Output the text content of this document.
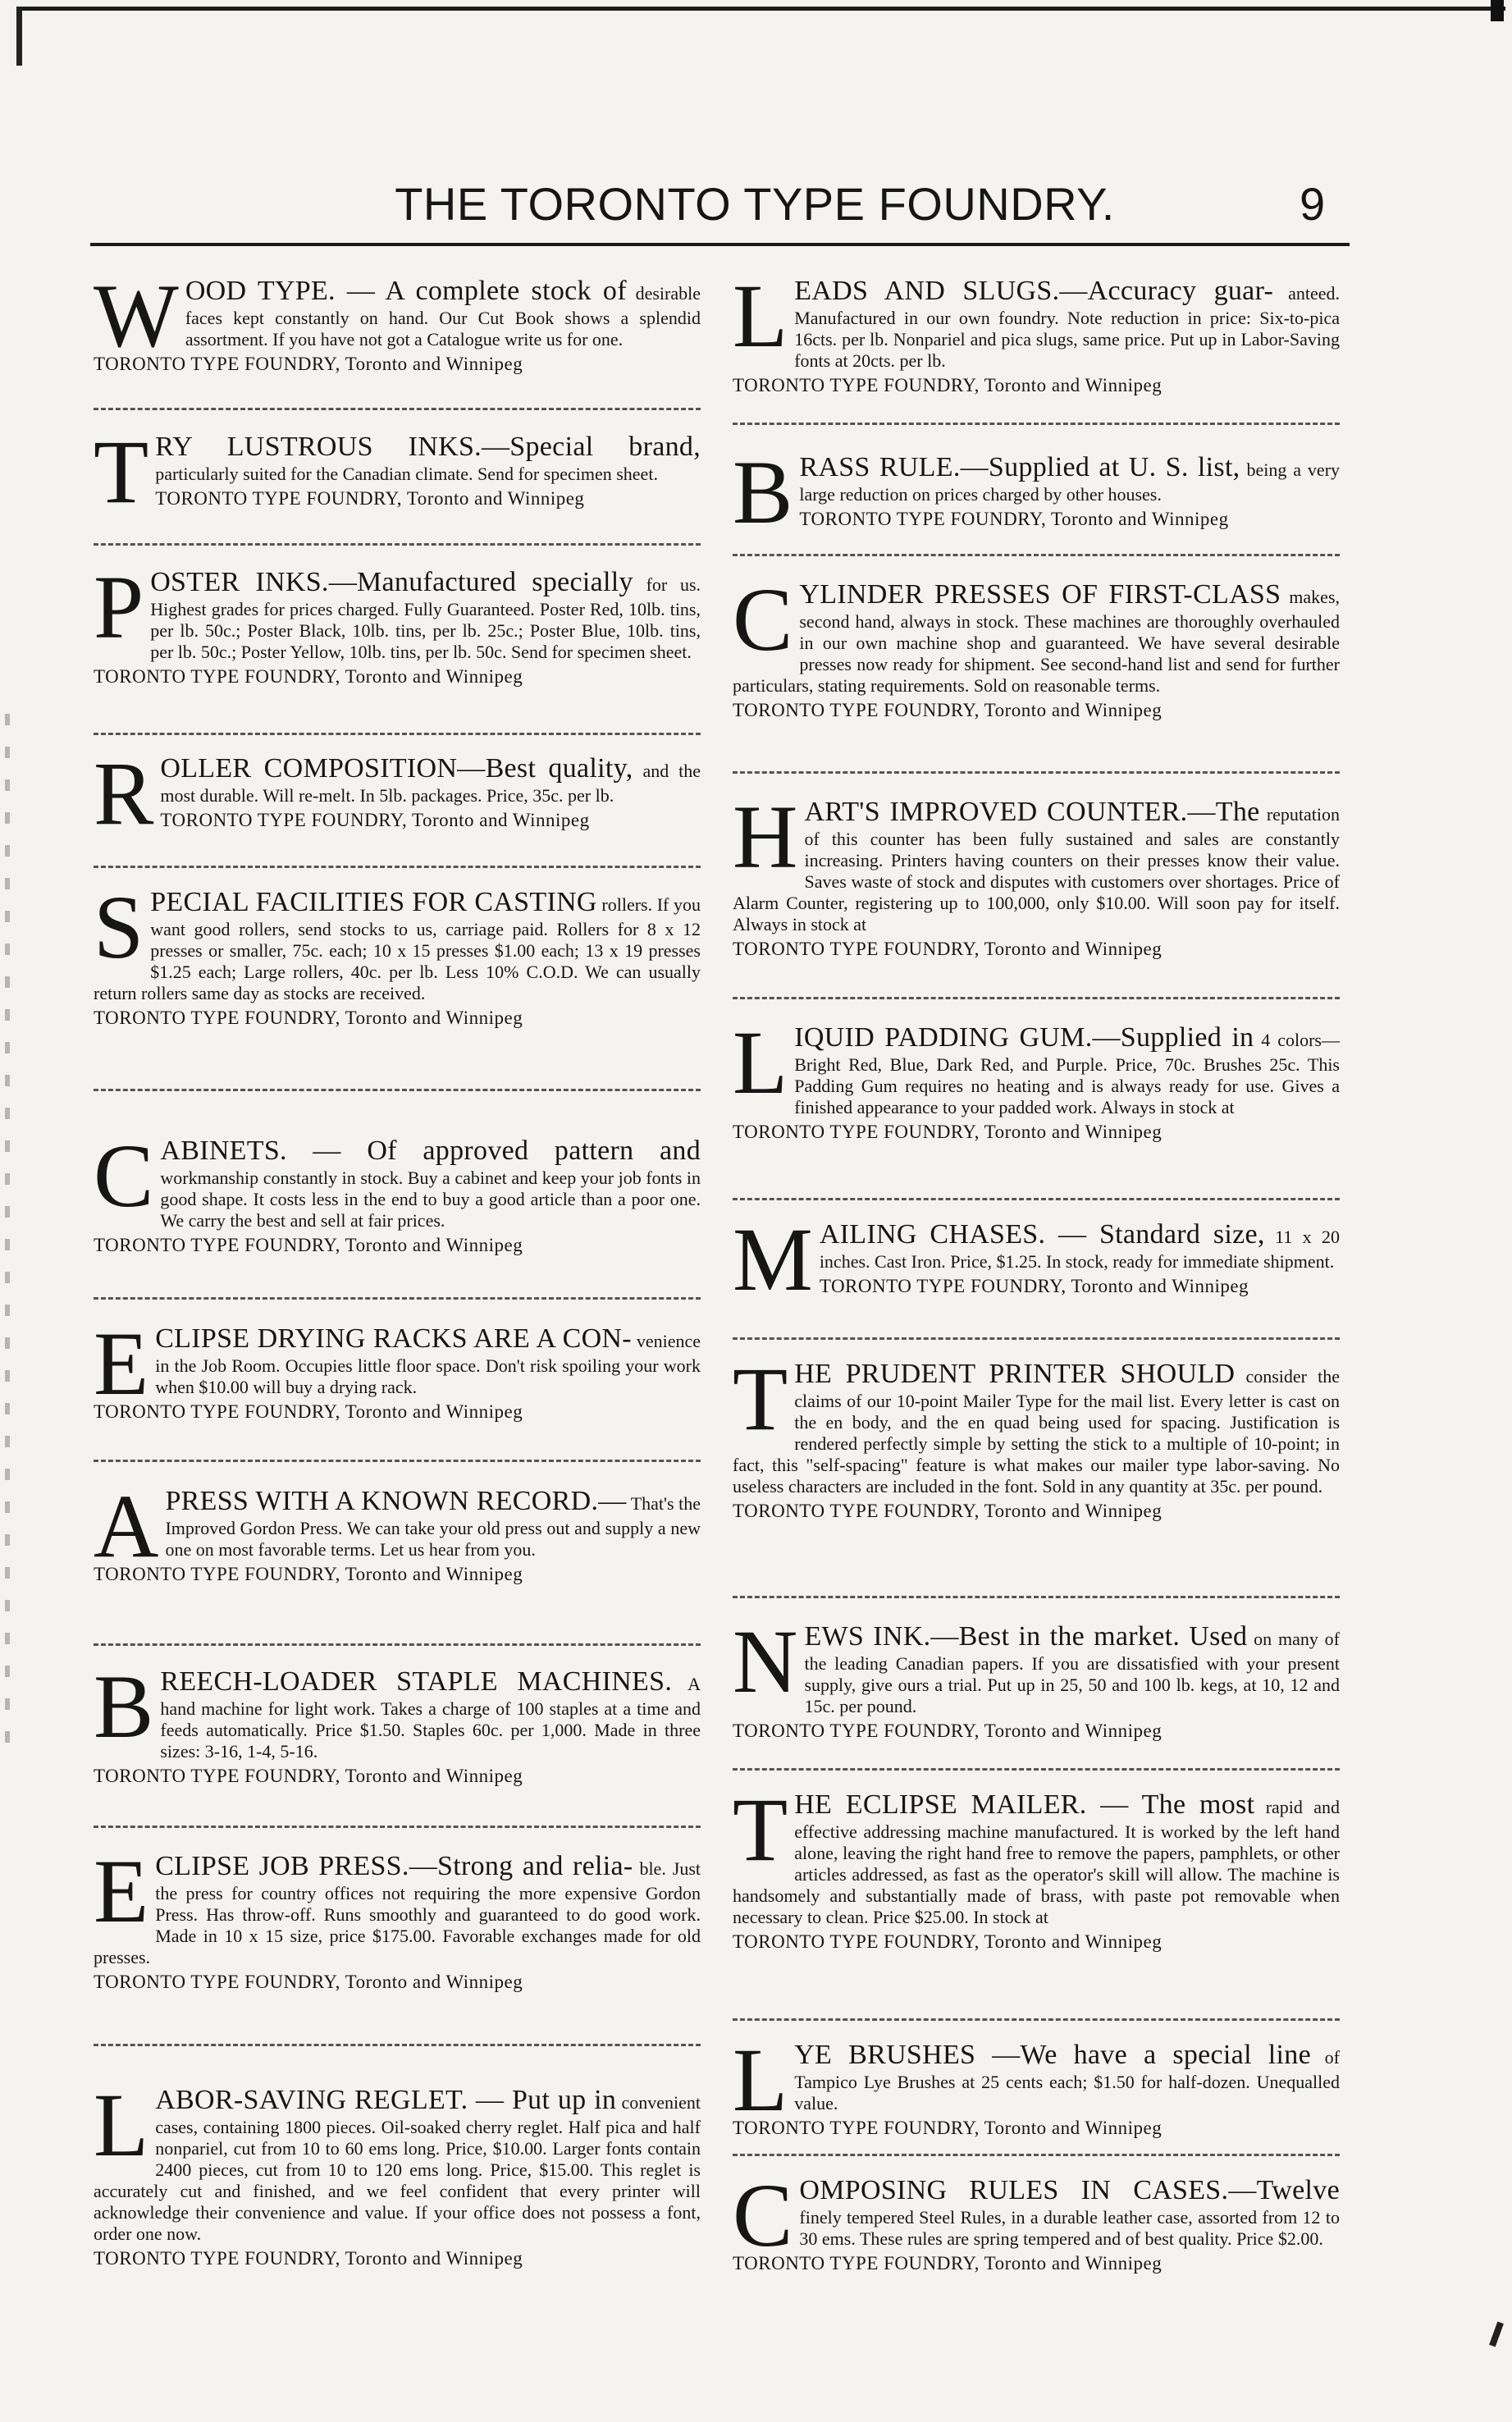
THE TORONTO TYPE FOUNDRY.	9

WOOD TYPE. — A complete stock of desirable faces kept constantly on hand. Our Cut Book shows a splendid assortment. If you have not got a Catalogue write us for one.
TORONTO TYPE FOUNDRY, Toronto and Winnipeg

TRY LUSTROUS INKS.—Special brand, particularly suited for the Canadian climate. Send for specimen sheet.
TORONTO TYPE FOUNDRY, Toronto and Winnipeg

POSTER INKS.—Manufactured specially for us. Highest grades for prices charged. Fully Guaranteed. Poster Red, 10lb. tins, per lb. 50c.; Poster Black, 10lb. tins, per lb. 25c.; Poster Blue, 10lb. tins, per lb. 50c.; Poster Yellow, 10lb. tins, per lb. 50c. Send for specimen sheet.
TORONTO TYPE FOUNDRY, Toronto and Winnipeg

ROLLER COMPOSITION—Best quality, and the most durable. Will re-melt. In 5lb. packages. Price, 35c. per lb.
TORONTO TYPE FOUNDRY, Toronto and Winnipeg

SPECIAL FACILITIES FOR CASTING rollers. If you want good rollers, send stocks to us, carriage paid. Rollers for 8 x 12 presses or smaller, 75c. each; 10 x 15 presses $1.00 each; 13 x 19 presses $1.25 each; Large rollers, 40c. per lb. Less 10% C.O.D. We can usually return rollers same day as stocks are received.
TORONTO TYPE FOUNDRY, Toronto and Winnipeg

CABINETS. — Of approved pattern and workmanship constantly in stock. Buy a cabinet and keep your job fonts in good shape. It costs less in the end to buy a good article than a poor one. We carry the best and sell at fair prices.
TORONTO TYPE FOUNDRY, Toronto and Winnipeg

ECLIPSE DRYING RACKS ARE A CON- venience in the Job Room. Occupies little floor space. Don't risk spoiling your work when $10.00 will buy a drying rack.
TORONTO TYPE FOUNDRY, Toronto and Winnipeg

APRESS WITH A KNOWN RECORD.— That's the Improved Gordon Press. We can take your old press out and supply a new one on most favorable terms. Let us hear from you.
TORONTO TYPE FOUNDRY, Toronto and Winnipeg

BREECH-LOADER STAPLE MACHINES. A hand machine for light work. Takes a charge of 100 staples at a time and feeds automatically. Price $1.50. Staples 60c. per 1,000. Made in three sizes: 3-16, 1-4, 5-16.
TORONTO TYPE FOUNDRY, Toronto and Winnipeg

ECLIPSE JOB PRESS.—Strong and relia- ble. Just the press for country offices not requiring the more expensive Gordon Press. Has throw-off. Runs smoothly and guaranteed to do good work. Made in 10 x 15 size, price $175.00. Favorable exchanges made for old presses.
TORONTO TYPE FOUNDRY, Toronto and Winnipeg

LABOR-SAVING REGLET. — Put up in convenient cases, containing 1800 pieces. Oil-soaked cherry reglet. Half pica and half nonpariel, cut from 10 to 60 ems long. Price, $10.00. Larger fonts contain 2400 pieces, cut from 10 to 120 ems long. Price, $15.00. This reglet is accurately cut and finished, and we feel confident that every printer will acknowledge their convenience and value. If your office does not possess a font, order one now.
TORONTO TYPE FOUNDRY, Toronto and Winnipeg

LEADS AND SLUGS.—Accuracy guar- anteed. Manufactured in our own foundry. Note reduction in price: Six-to-pica 16cts. per lb. Nonpariel and pica slugs, same price. Put up in Labor-Saving fonts at 20cts. per lb.
TORONTO TYPE FOUNDRY, Toronto and Winnipeg

BRASS RULE.—Supplied at U. S. list, being a very large reduction on prices charged by other houses.
TORONTO TYPE FOUNDRY, Toronto and Winnipeg

CYLINDER PRESSES OF FIRST-CLASS makes, second hand, always in stock. These machines are thoroughly overhauled in our own machine shop and guaranteed. We have several desirable presses now ready for shipment. See second-hand list and send for further particulars, stating requirements. Sold on reasonable terms.
TORONTO TYPE FOUNDRY, Toronto and Winnipeg

HART'S IMPROVED COUNTER.—The reputation of this counter has been fully sustained and sales are constantly increasing. Printers having counters on their presses know their value. Saves waste of stock and disputes with customers over shortages. Price of Alarm Counter, registering up to 100,000, only $10.00. Will soon pay for itself. Always in stock at
TORONTO TYPE FOUNDRY, Toronto and Winnipeg

LIQUID PADDING GUM.—Supplied in 4 colors—Bright Red, Blue, Dark Red, and Purple. Price, 70c. Brushes 25c. This Padding Gum requires no heating and is always ready for use. Gives a finished appearance to your padded work. Always in stock at
TORONTO TYPE FOUNDRY, Toronto and Winnipeg

MAILING CHASES. — Standard size, 11 x 20 inches. Cast Iron. Price, $1.25. In stock, ready for immediate shipment.
TORONTO TYPE FOUNDRY, Toronto and Winnipeg

THE PRUDENT PRINTER SHOULD consider the claims of our 10-point Mailer Type for the mail list. Every letter is cast on the en body, and the en quad being used for spacing. Justification is rendered perfectly simple by setting the stick to a multiple of 10-point; in fact, this "self-spacing" feature is what makes our mailer type labor-saving. No useless characters are included in the font. Sold in any quantity at 35c. per pound.
TORONTO TYPE FOUNDRY, Toronto and Winnipeg

NEWS INK.—Best in the market. Used on many of the leading Canadian papers. If you are dissatisfied with your present supply, give ours a trial. Put up in 25, 50 and 100 lb. kegs, at 10, 12 and 15c. per pound.
TORONTO TYPE FOUNDRY, Toronto and Winnipeg

THE ECLIPSE MAILER. — The most rapid and effective addressing machine manufactured. It is worked by the left hand alone, leaving the right hand free to remove the papers, pamphlets, or other articles addressed, as fast as the operator's skill will allow. The machine is handsomely and substantially made of brass, with paste pot removable when necessary to clean. Price $25.00. In stock at
TORONTO TYPE FOUNDRY, Toronto and Winnipeg

LYE BRUSHES —We have a special line of Tampico Lye Brushes at 25 cents each; $1.50 for half-dozen. Unequalled value.
TORONTO TYPE FOUNDRY, Toronto and Winnipeg

COMPOSING RULES IN CASES.—Twelve finely tempered Steel Rules, in a durable leather case, assorted from 12 to 30 ems. These rules are spring tempered and of best quality. Price $2.00.
TORONTO TYPE FOUNDRY, Toronto and Winnipeg
